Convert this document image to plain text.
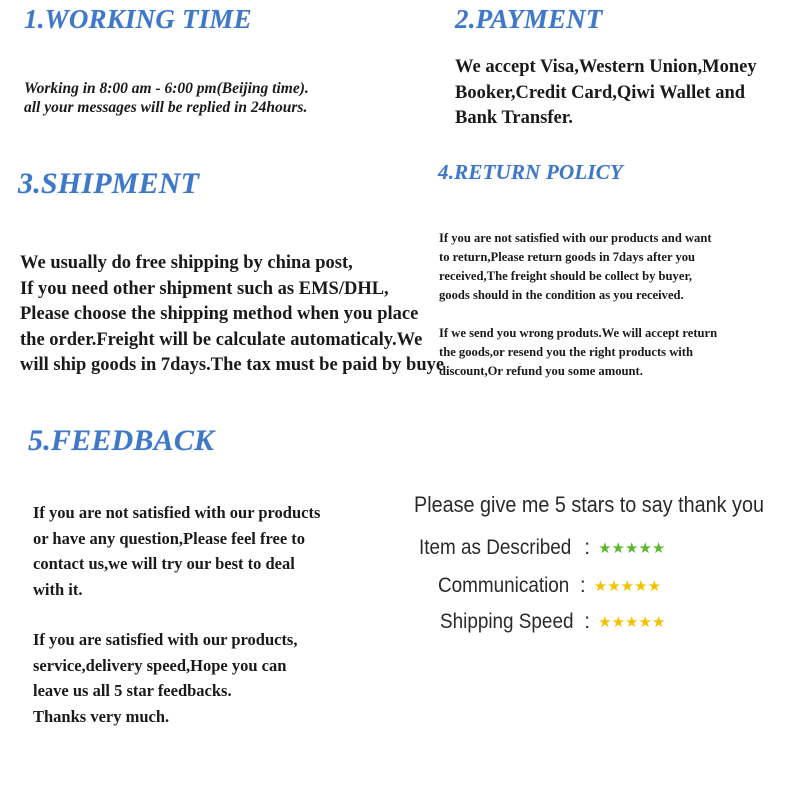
1.WORKING TIME
Working in 8:00 am - 6:00 pm(Beijing time).
all your messages will be replied in 24hours.
2.PAYMENT
We accept Visa,Western Union,Money
Booker,Credit Card,Qiwi Wallet and
Bank Transfer.
3.SHIPMENT
We usually do free shipping by china post,
If you need other shipment such as EMS/DHL,
Please choose the shipping method when you place
the order.Freight will be calculate automaticaly.We
will ship goods in 7days.The tax must be paid by buye
4.RETURN POLICY
If you are not satisfied with our products and want
to return,Please return goods in 7days after you
received,The freight should be collect by buyer,
goods should in the condition as you received.
If we send you wrong produts.We will accept return
the goods,or resend you the right products with
discount,Or refund you some amount.
5.FEEDBACK
If you are not satisfied with our products
or have any question,Please feel free to
contact us,we will try our best to deal
with it.
If you are satisfied with our products,
service,delivery speed,Hope you can
leave us all 5 star feedbacks.
Thanks very much.
Please give me 5 stars to say thank you
Item as Described : ★ ★ ★ ★ ★
Communication : ★ ★ ★ ★ ★
Shipping Speed : ★ ★ ★ ★ ★
